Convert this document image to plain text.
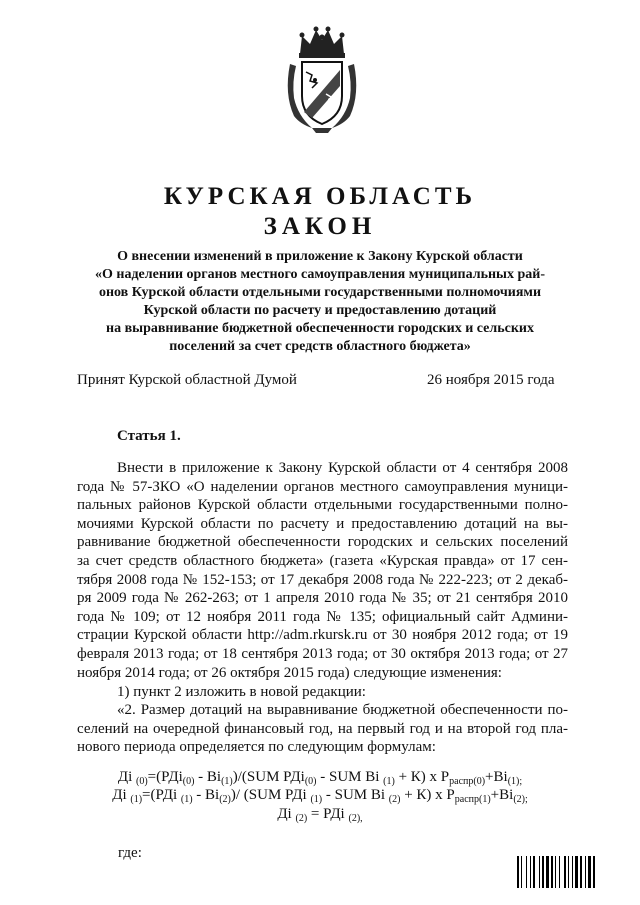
КУРСКАЯ ОБЛАСТЬ
ЗАКОН
О внесении изменений в приложение к Закону Курской области
«О наделении органов местного самоуправления муниципальных рай-
онов Курской области отдельными государственными полномочиями
Курской области по расчету и предоставлению дотаций
на выравнивание бюджетной обеспеченности городских и сельских
поселений за счет средств областного бюджета»
Принят Курской областной Думой	26 ноября 2015 года
Статья 1.
Внести в приложение к Закону Курской области от 4 сентября 2008
года № 57-ЗКО «О наделении органов местного самоуправления муници-
пальных районов Курской области отдельными государственными полно-
мочиями Курской области по расчету и предоставлению дотаций на вы-
равнивание бюджетной обеспеченности городских и сельских поселений
за счет средств областного бюджета» (газета «Курская правда» от 17 сен-
тября 2008 года № 152-153; от 17 декабря 2008 года № 222-223; от 2 декаб-
ря 2009 года № 262-263; от 1 апреля 2010 года № 35; от 21 сентября 2010
года № 109; от 12 ноября 2011 года № 135; официальный сайт Админи-
страции Курской области http://adm.rkursk.ru от 30 ноября 2012 года; от 19
февраля 2013 года; от 18 сентября 2013 года; от 30 октября 2013 года; от 27
ноября 2014 года; от 26 октября 2015 года) следующие изменения:
1) пункт 2 изложить в новой редакции:
«2. Размер дотаций на выравнивание бюджетной обеспеченности по-
селений на очередной финансовый год, на первый год и на второй год пла-
нового периода определяется по следующим формулам:
Дi $_{(0)}=(РДi_{(0)} - Вi_{(1)})/(SUM$ РДi$_{(0)}$ - SUM Вi $_{(1)}$ + К) х $Р_{распр(0)}+Вi_{(1);}$
Дi $_{(1)}$=(РДi $_{(1)} - Вi_{(2)})/$ (SUM РДi $_{(1)}$ - SUM Вi $_{(2)}$ + К) х $Р_{распр(1)}+Вi_{(2);}$
Дi $_{(2)}$ = РДi $_{(2),}$
где:
